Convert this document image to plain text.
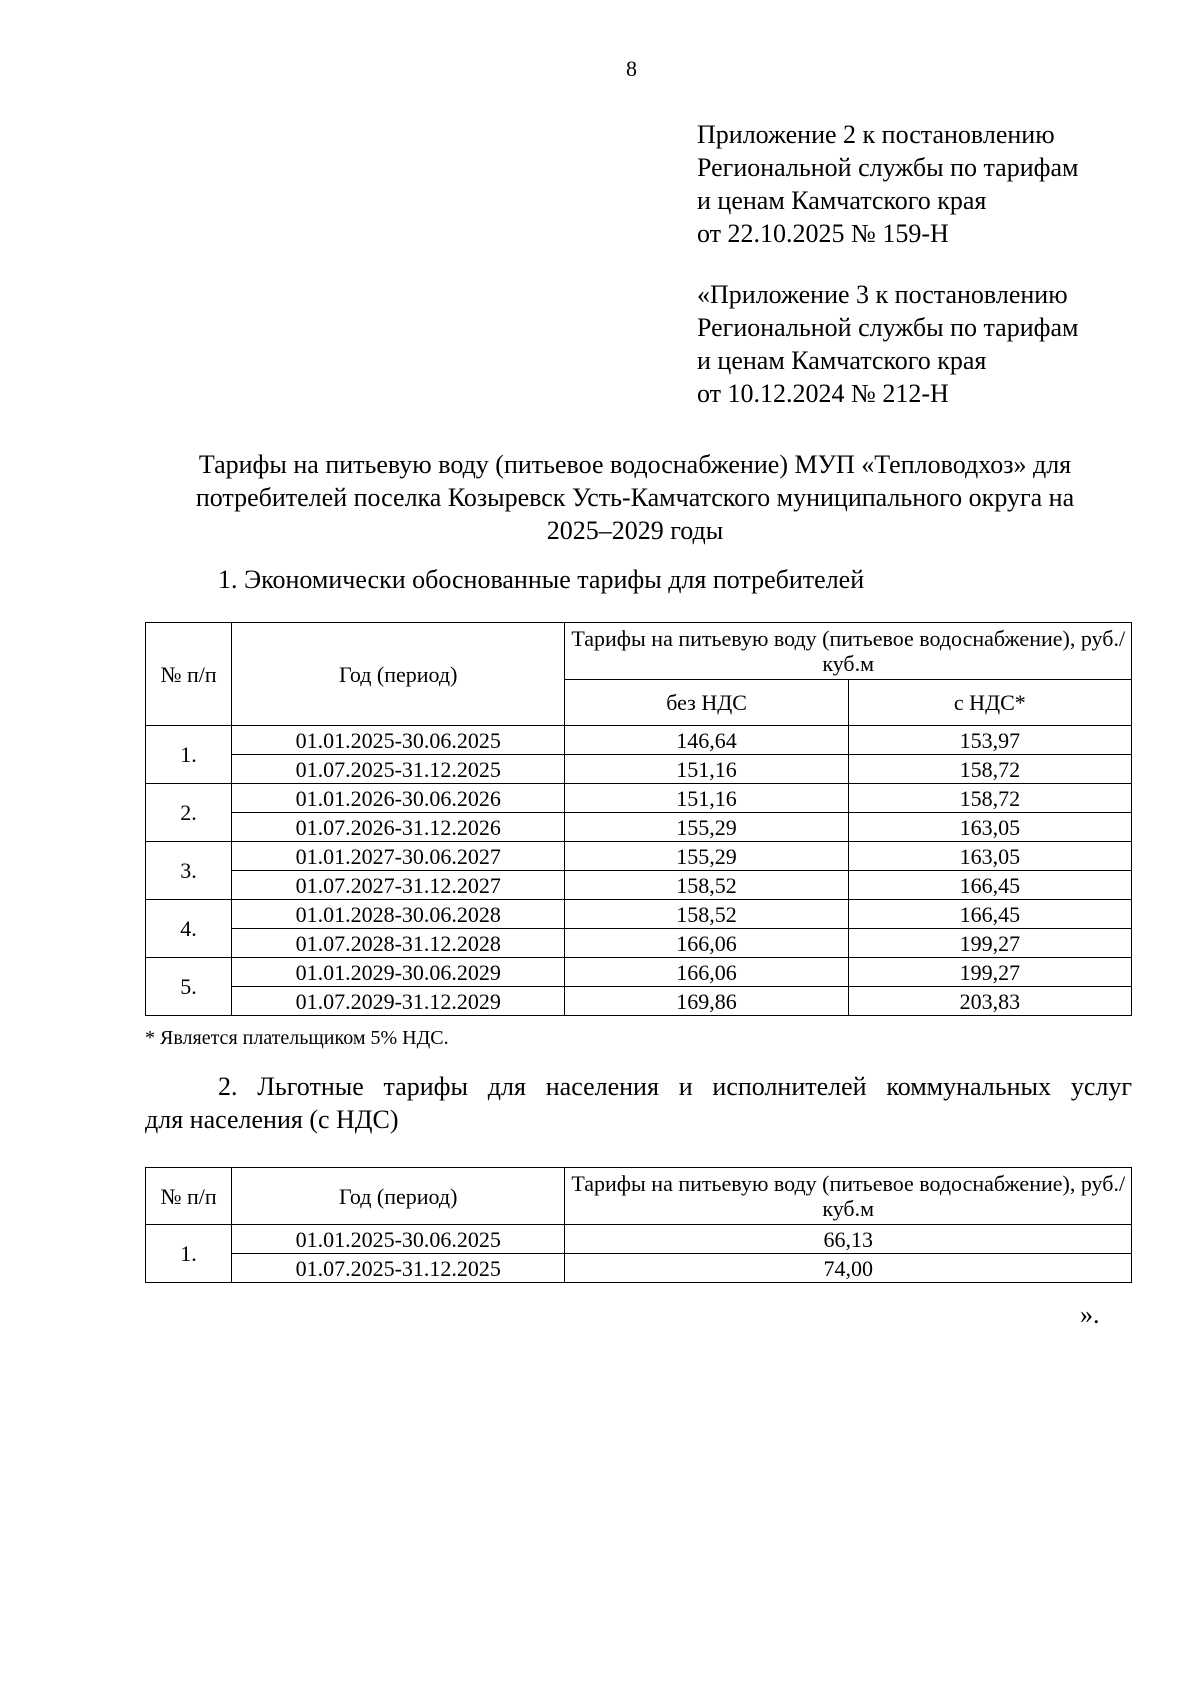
8
Приложение 2 к постановлению
Региональной службы по тарифам
и ценам Камчатского края
от 22.10.2025 № 159-Н
«Приложение 3 к постановлению
Региональной службы по тарифам
и ценам Камчатского края
от 10.12.2024 № 212-Н
Тарифы на питьевую воду (питьевое водоснабжение) МУП «Тепловодхоз» для
потребителей поселка Козыревск Усть-Камчатского муниципального округа на
2025–2029 годы
1. Экономически обоснованные тарифы для потребителей
№ п/п	Год (период)	Тарифы на питьевую воду (питьевое водоснабжение), руб./куб.м	
		без НДС	с НДС*
1.	01.01.2025-30.06.2025	146,64	153,97
	01.07.2025-31.12.2025	151,16	158,72
2.	01.01.2026-30.06.2026	151,16	158,72
	01.07.2026-31.12.2026	155,29	163,05
3.	01.01.2027-30.06.2027	155,29	163,05
	01.07.2027-31.12.2027	158,52	166,45
4.	01.01.2028-30.06.2028	158,52	166,45
	01.07.2028-31.12.2028	166,06	199,27
5.	01.01.2029-30.06.2029	166,06	199,27
	01.07.2029-31.12.2029	169,86	203,83
* Является плательщиком 5% НДС.
2. Льготные тарифы для населения и исполнителей коммунальных услуг
для населения (с НДС)
№ п/п	Год (период)	Тарифы на питьевую воду (питьевое водоснабжение), руб./куб.м
1.	01.01.2025-30.06.2025	66,13
	01.07.2025-31.12.2025	74,00
».
